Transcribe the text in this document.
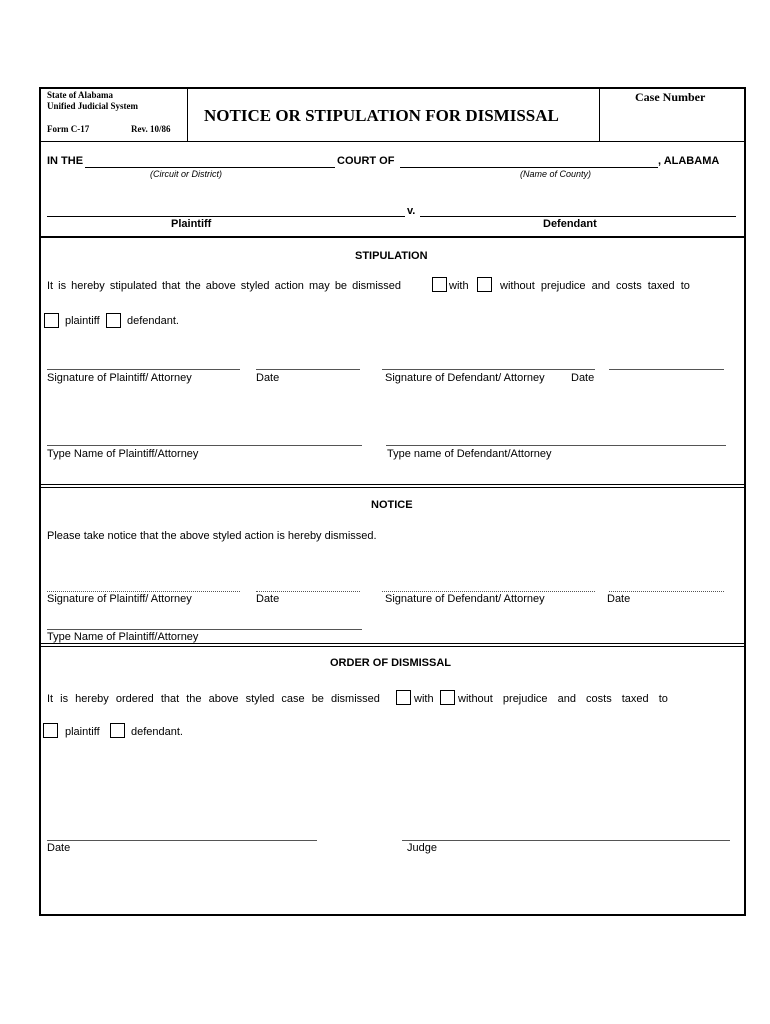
State of Alabama
Unified Judicial System
Form C-17	Rev. 10/86
NOTICE OR STIPULATION FOR DISMISSAL
Case Number
IN THE	COURT OF	, ALABAMA
(Circuit or District)	(Name of County)
v.
Plaintiff	Defendant
STIPULATION
It is hereby stipulated that the above styled action may be dismissed	with	without prejudice and costs taxed to
plaintiff defendant.
Signature of Plaintiff/ Attorney	Date	Signature of Defendant/ Attorney Date
Type Name of Plaintiff/Attorney	Type name of Defendant/Attorney
NOTICE
Please take notice that the above styled action is hereby dismissed.
Signature of Plaintiff/ Attorney	Date	Signature of Defendant/ Attorney	Date
Type Name of Plaintiff/Attorney
ORDER OF DISMISSAL
It is hereby ordered that the above styled case be dismissed	with without prejudice and costs taxed to
plaintiff	defendant.
Date	Judge
